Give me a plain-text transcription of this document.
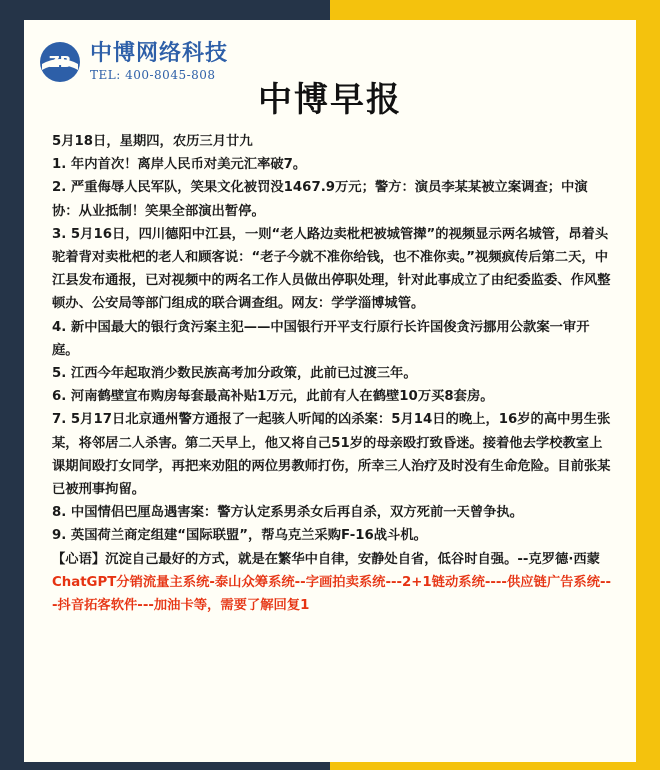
ZB 中博网络科技
TEL: 400-8045-808
中博早报

5月18日，星期四，农历三月廿九

1. 年内首次！离岸人民币对美元汇率破7。

2. 严重侮辱人民军队，笑果文化被罚没1467.9万元；警方：演员李某某被立案调查；中演协：从业抵制！笑果全部演出暂停。

3. 5月16日，四川德阳中江县，一则“老人路边卖枇杷被城管撵”的视频显示两名城管，昂着头驼着背对卖枇杷的老人和顾客说：“老子今就不准你给钱，也不准你卖。”视频疯传后第二天，中江县发布通报，已对视频中的两名工作人员做出停职处理，针对此事成立了由纪委监委、作风整顿办、公安局等部门组成的联合调查组。网友：学学淄博城管。

4. 新中国最大的银行贪污案主犯——中国银行开平支行原行长许国俊贪污挪用公款案一审开庭。

5. 江西今年起取消少数民族高考加分政策，此前已过渡三年。

6. 河南鹤壁宣布购房每套最高补贴1万元，此前有人在鹤壁10万买8套房。

7. 5月17日北京通州警方通报了一起骇人听闻的凶杀案：5月14日的晚上，16岁的高中男生张某，将邻居二人杀害。第二天早上，他又将自己51岁的母亲殴打致昏迷。接着他去学校教室上课期间殴打女同学，再把来劝阻的两位男教师打伤，所幸三人治疗及时没有生命危险。目前张某已被刑事拘留。

8. 中国情侣巴厘岛遇害案：警方认定系男杀女后再自杀，双方死前一天曾争执。

9. 英国荷兰商定组建“国际联盟”，帮乌克兰采购F-16战斗机。

【心语】沉淀自己最好的方式，就是在繁华中自律，安静处自省，低谷时自强。--克罗德·西蒙

ChatGPT分销流量主系统-泰山众筹系统--字画拍卖系统---2+1链动系统----供应链广告系统---抖音拓客软件---加油卡等，需要了解回复1
